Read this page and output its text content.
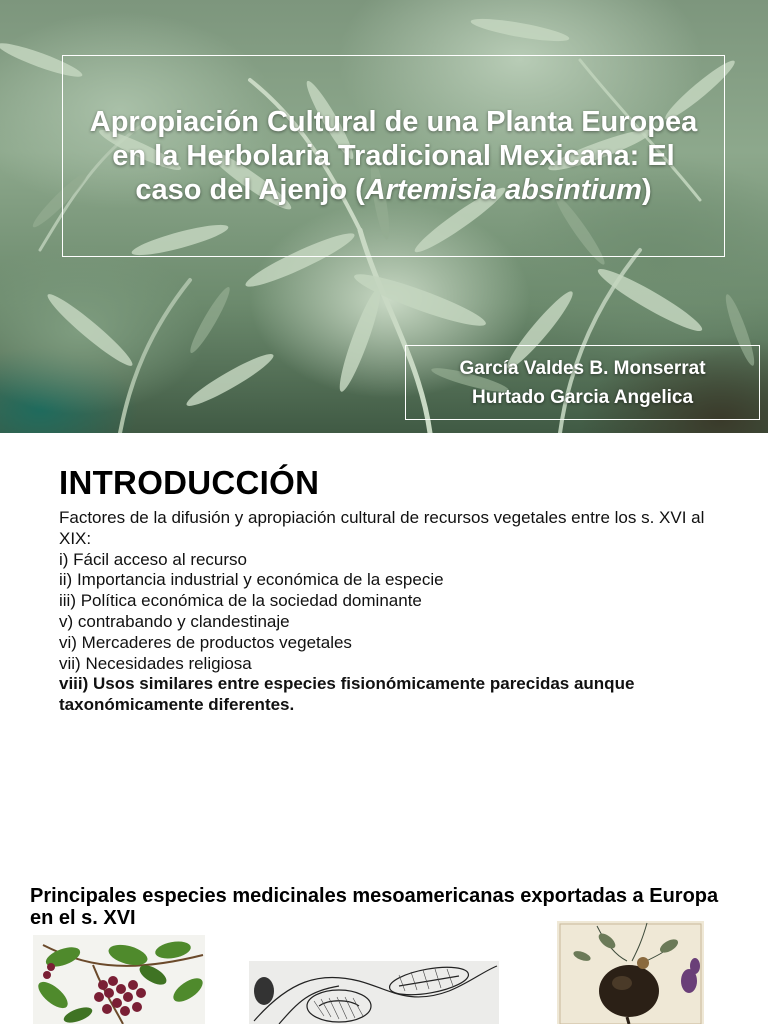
Apropiación Cultural de una Planta Europea en la Herbolaria Tradicional Mexicana: El caso del Ajenjo (Artemisia absintium)
García Valdes B. Monserrat
Hurtado Garcia Angelica
INTRODUCCIÓN
Factores de la difusión y apropiación cultural de recursos vegetales entre los s. XVI al XIX:
i) Fácil acceso al recurso
ii) Importancia industrial y económica de la especie
iii) Política económica de la sociedad dominante
v) contrabando y clandestinaje
vi) Mercaderes de productos vegetales
vii) Necesidades religiosa
viii) Usos similares entre especies fisionómicamente parecidas aunque taxonómicamente diferentes.
Principales especies medicinales mesoamericanas exportadas a Europa en el s. XVI
